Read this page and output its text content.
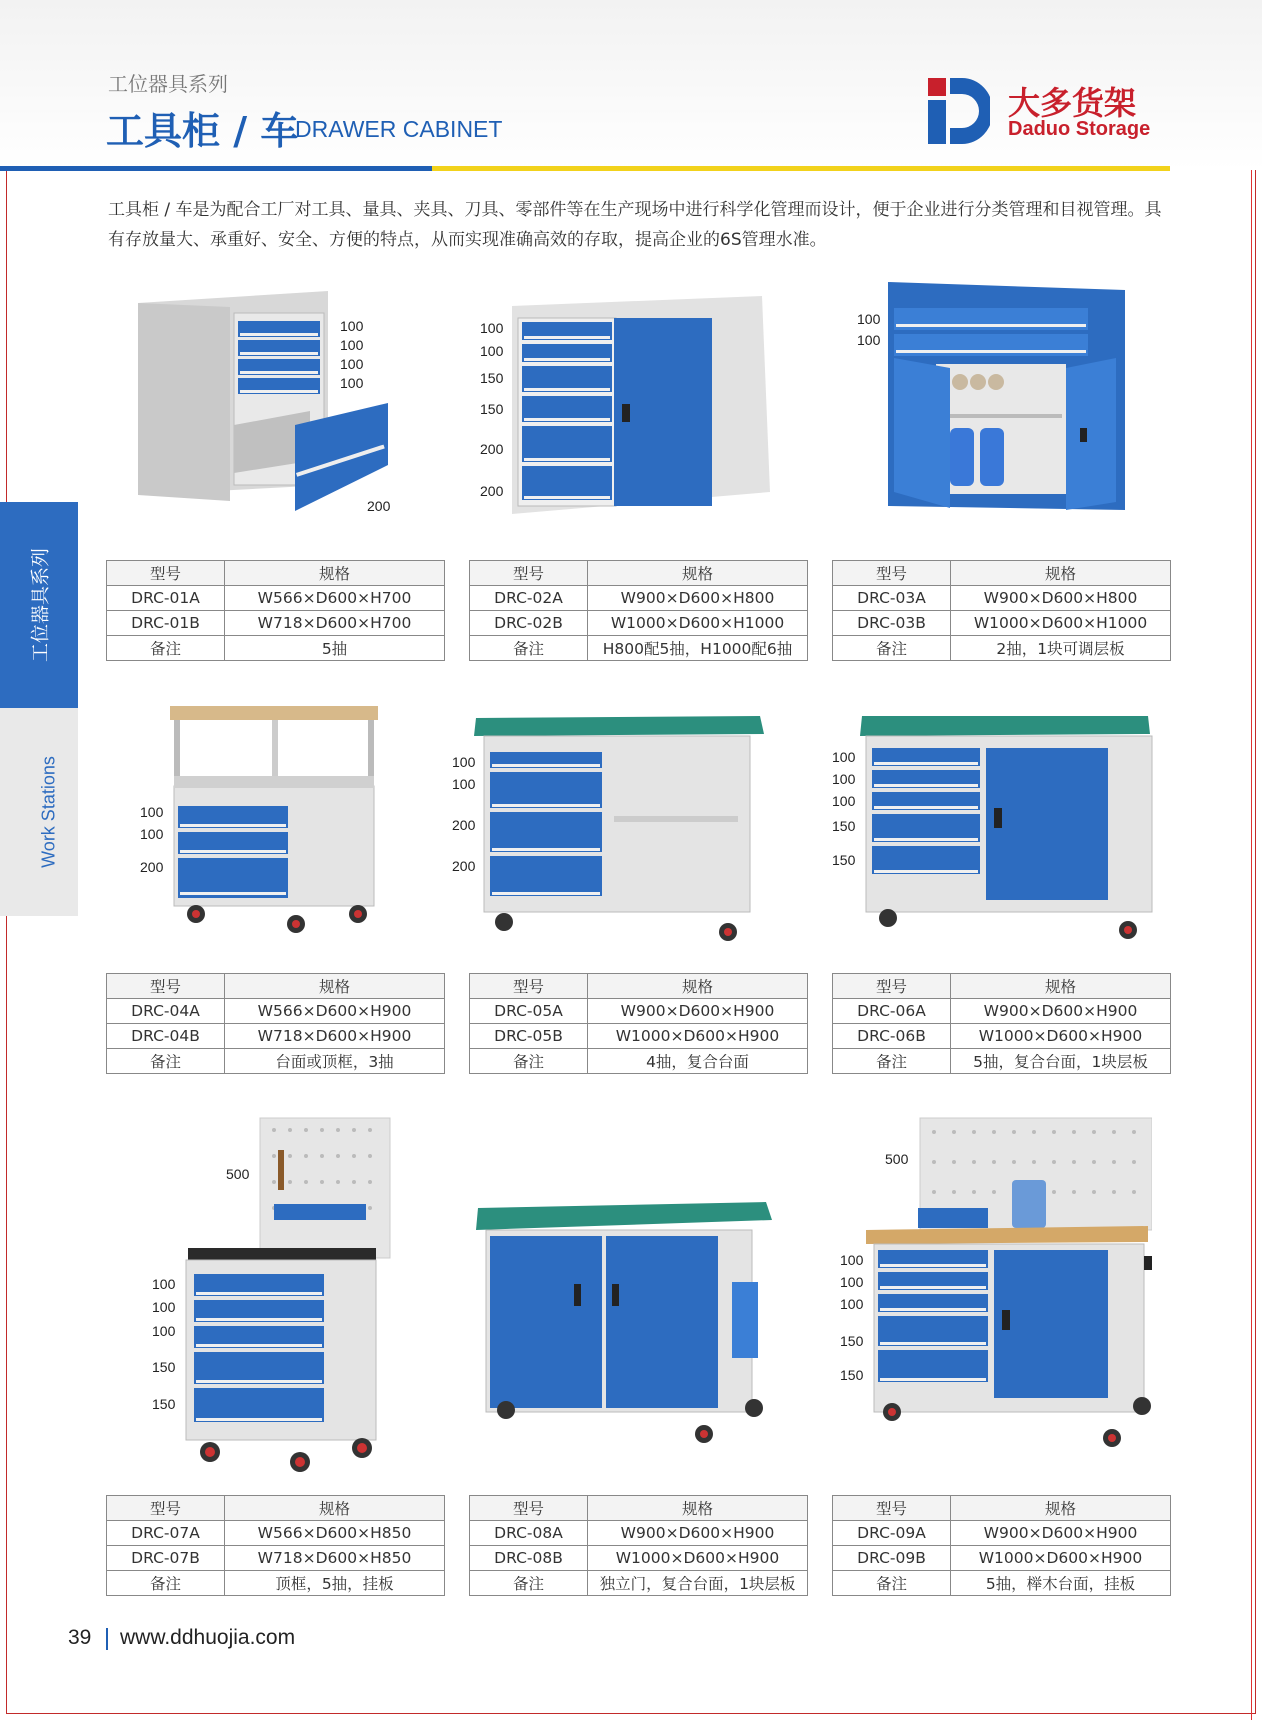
工位器具系列
工具柜 / 车
DRAWER CABINET
大多货架
Daduo Storage
工具柜 / 车是为配合工厂对工具、量具、夹具、刀具、零部件等在生产现场中进行科学化管理而设计，便于企业进行分类管理和目视管理。具有存放量大、承重好、安全、方便的特点，从而实现准确高效的存取，提高企业的6S管理水准。
工位器具系列
Work Stations
100
100
100
100
200
100
100
150
150
200
200
100
100
型号	规格
DRC-01A	W566×D600×H700
DRC-01B	W718×D600×H700
备注	5抽
型号	规格
DRC-02A	W900×D600×H800
DRC-02B	W1000×D600×H1000
备注	H800配5抽，H1000配6抽
型号	规格
DRC-03A	W900×D600×H800
DRC-03B	W1000×D600×H1000
备注	2抽，1块可调层板
100
100
200
100
100
200
200
100
100
100
150
150
型号	规格
DRC-04A	W566×D600×H900
DRC-04B	W718×D600×H900
备注	台面或顶框，3抽
型号	规格
DRC-05A	W900×D600×H900
DRC-05B	W1000×D600×H900
备注	4抽，复合台面
型号	规格
DRC-06A	W900×D600×H900
DRC-06B	W1000×D600×H900
备注	5抽，复合台面，1块层板
500
100
100
100
150
150
500
100
100
100
150
150
型号	规格
DRC-07A	W566×D600×H850
DRC-07B	W718×D600×H850
备注	顶框，5抽，挂板
型号	规格
DRC-08A	W900×D600×H900
DRC-08B	W1000×D600×H900
备注	独立门，复合台面，1块层板
型号	规格
DRC-09A	W900×D600×H900
DRC-09B	W1000×D600×H900
备注	5抽，榉木台面，挂板
39 www.ddhuojia.com
